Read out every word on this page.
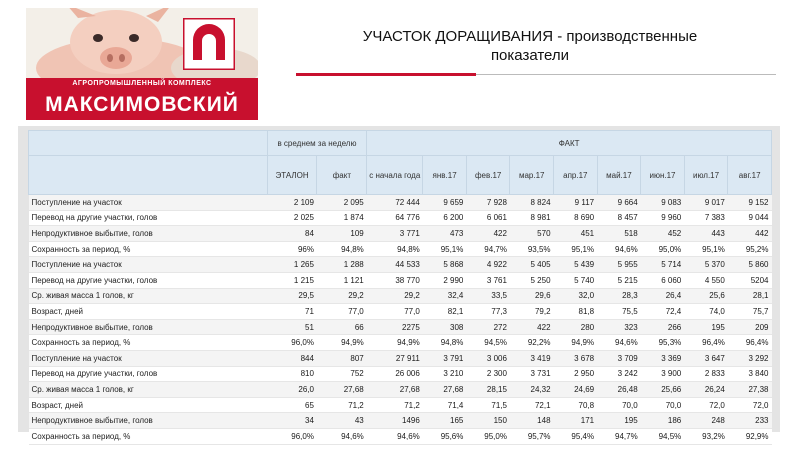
АГРОПРОМЫШЛЕННЫЙ КОМПЛЕКС
МАКСИМОВСКИЙ
УЧАСТОК ДОРАЩИВАНИЯ - производственные
показатели
	в среднем за неделю		ФАКТ								
	ЭТАЛОН	факт	с начала года	янв.17	фев.17	мар.17	апр.17	май.17	июн.17	июл.17	авг.17
Поступление на участок	2 109	2 095	72 444	9 659	7 928	8 824	9 117	9 664	9 083	9 017	9 152
Перевод на другие участки, голов	2 025	1 874	64 776	6 200	6 061	8 981	8 690	8 457	9 960	7 383	9 044
Непродуктивное выбытие, голов	84	109	3 771	473	422	570	451	518	452	443	442
Сохранность за период, %	96%	94,8%	94,8%	95,1%	94,7%	93,5%	95,1%	94,6%	95,0%	95,1%	95,2%
Поступление на участок	1 265	1 288	44 533	5 868	4 922	5 405	5 439	5 955	5 714	5 370	5 860
Перевод на другие участки, голов	1 215	1 121	38 770	2 990	3 761	5 250	5 740	5 215	6 060	4 550	5204
Ср. живая масса 1 голов, кг	29,5	29,2	29,2	32,4	33,5	29,6	32,0	28,3	26,4	25,6	28,1
Возраст, дней	71	77,0	77,0	82,1	77,3	79,2	81,8	75,5	72,4	74,0	75,7
Непродуктивное выбытие, голов	51	66	2275	308	272	422	280	323	266	195	209
Сохранность за период, %	96,0%	94,9%	94,9%	94,8%	94,5%	92,2%	94,9%	94,6%	95,3%	96,4%	96,4%
Поступление на участок	844	807	27 911	3 791	3 006	3 419	3 678	3 709	3 369	3 647	3 292
Перевод на другие участки, голов	810	752	26 006	3 210	2 300	3 731	2 950	3 242	3 900	2 833	3 840
Ср. живая масса 1 голов, кг	26,0	27,68	27,68	27,68	28,15	24,32	24,69	26,48	25,66	26,24	27,38
Возраст, дней	65	71,2	71,2	71,4	71,5	72,1	70,8	70,0	70,0	72,0	72,0
Непродуктивное выбытие, голов	34	43	1496	165	150	148	171	195	186	248	233
Сохранность за период, %	96,0%	94,6%	94,6%	95,6%	95,0%	95,7%	95,4%	94,7%	94,5%	93,2%	92,9%
